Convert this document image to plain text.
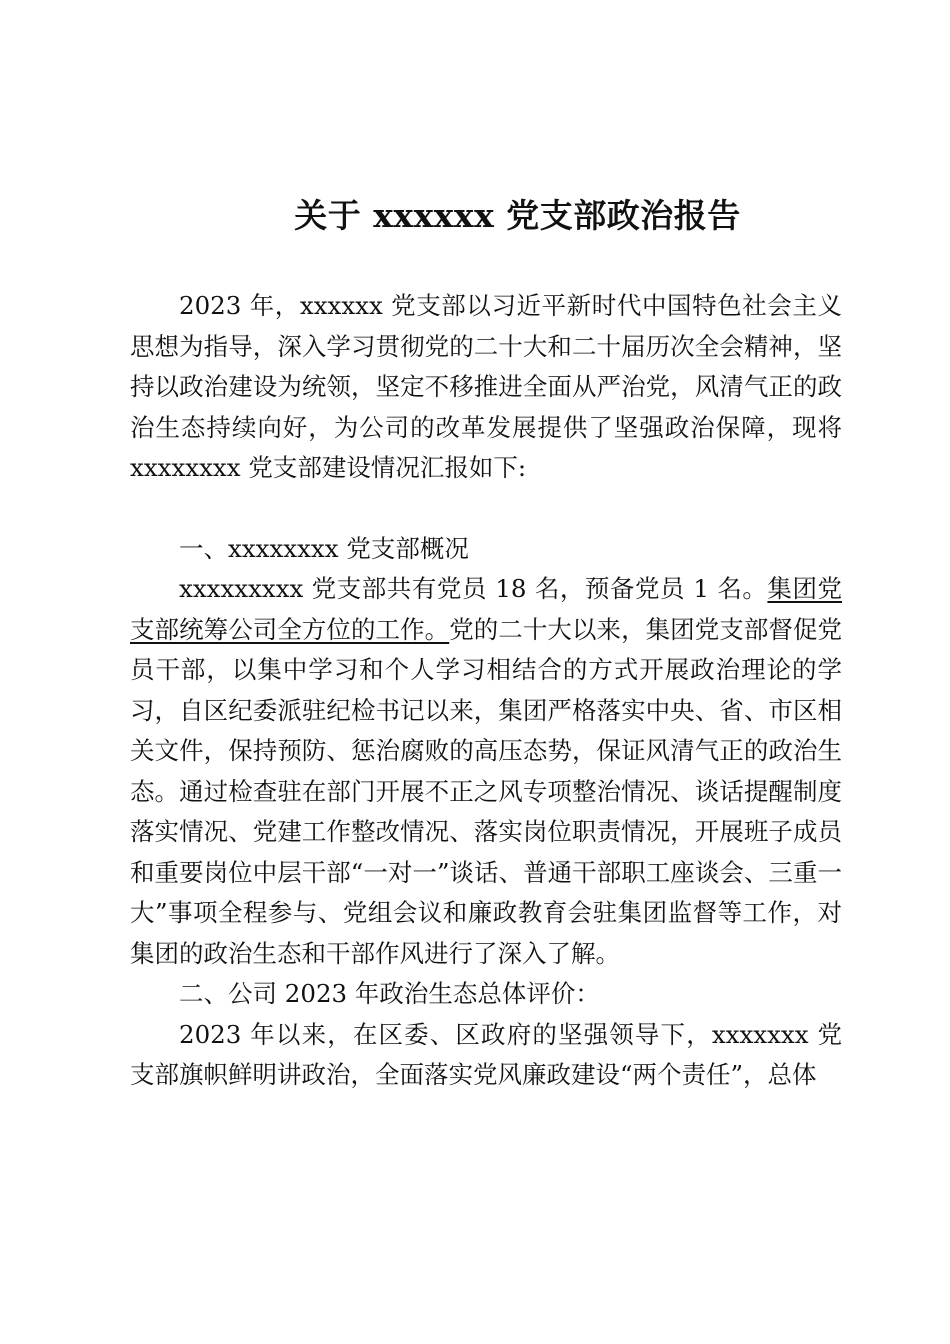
关于 xxxxxx 党支部政治报告

2023 年，xxxxxx 党支部以习近平新时代中国特色社会主义思想为指导，深入学习贯彻党的二十大和二十届历次全会精神，坚持以政治建设为统领，坚定不移推进全面从严治党，风清气正的政治生态持续向好，为公司的改革发展提供了坚强政治保障，现将 xxxxxxxx 党支部建设情况汇报如下:

一、xxxxxxxx 党支部概况

xxxxxxxxx 党支部共有党员 18 名，预备党员 1 名。集团党支部统筹公司全方位的工作。党的二十大以来，集团党支部督促党员干部，以集中学习和个人学习相结合的方式开展政治理论的学习，自区纪委派驻纪检书记以来，集团严格落实中央、省、市区相关文件，保持预防、惩治腐败的高压态势，保证风清气正的政治生态。通过检查驻在部门开展不正之风专项整治情况、谈话提醒制度落实情况、党建工作整改情况、落实岗位职责情况，开展班子成员和重要岗位中层干部“一对一”谈话、普通干部职工座谈会、三重一大”事项全程参与、党组会议和廉政教育会驻集团监督等工作，对集团的政治生态和干部作风进行了深入了解。

二、公司 2023 年政治生态总体评价：

2023 年以来，在区委、区政府的坚强领导下，xxxxxxx 党支部旗帜鲜明讲政治，全面落实党风廉政建设“两个责任”，总体
